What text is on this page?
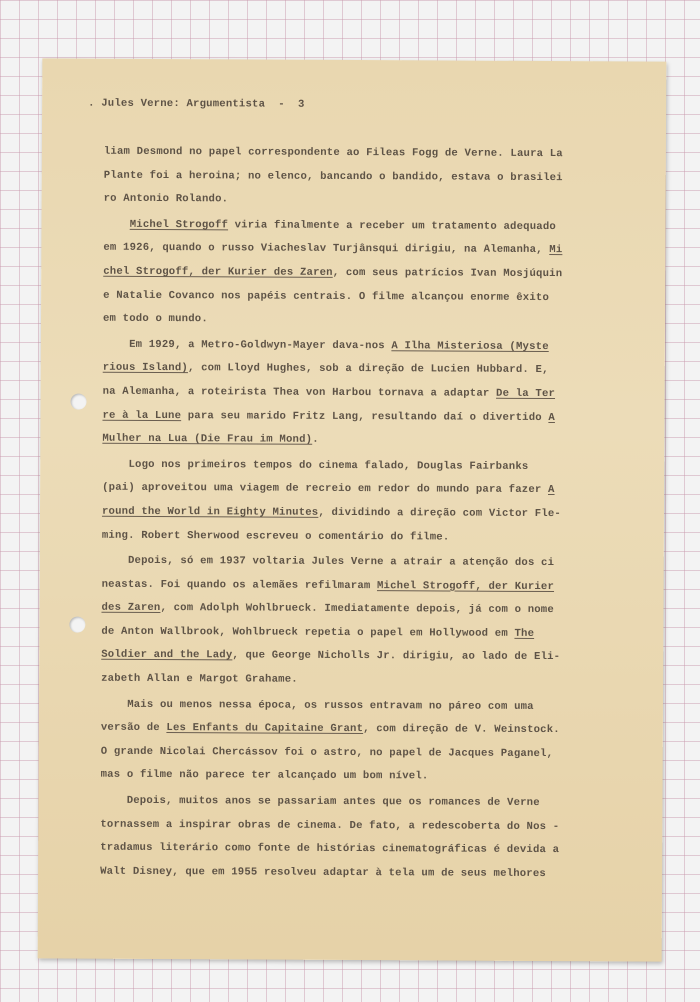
. Jules Verne: Argumentista  -  3
liam Desmond no papel correspondente ao Fileas Fogg de Verne. Laura La
Plante foi a heroina; no elenco, bancando o bandido, estava o brasilei
ro Antonio Rolando.
Michel Strogoff viria finalmente a receber um tratamento adequado
em 1926, quando o russo Viacheslav Turjânsqui dirigiu, na Alemanha, Mi
chel Strogoff, der Kurier des Zaren, com seus patrícios Ivan Mosjúquin
e Natalie Covanco nos papéis centrais. O filme alcançou enorme êxito
em todo o mundo.
Em 1929, a Metro-Goldwyn-Mayer dava-nos A Ilha Misteriosa (Myste
rious Island), com Lloyd Hughes, sob a direção de Lucien Hubbard. E,
na Alemanha, a roteirista Thea von Harbou tornava a adaptar De la Ter
re à la Lune para seu marido Fritz Lang, resultando daí o divertido A
Mulher na Lua (Die Frau im Mond).
Logo nos primeiros tempos do cinema falado, Douglas Fairbanks
(pai) aproveitou uma viagem de recreio em redor do mundo para fazer A
round the World in Eighty Minutes, dividindo a direção com Victor Fle-
ming. Robert Sherwood escreveu o comentário do filme.
Depois, só em 1937 voltaria Jules Verne a atrair a atenção dos ci
neastas. Foi quando os alemães refilmaram Michel Strogoff, der Kurier
des Zaren, com Adolph Wohlbrueck. Imediatamente depois, já com o nome
de Anton Wallbrook, Wohlbrueck repetia o papel em Hollywood em The
Soldier and the Lady, que George Nicholls Jr. dirigiu, ao lado de Eli-
zabeth Allan e Margot Grahame.
Mais ou menos nessa época, os russos entravam no páreo com uma
versão de Les Enfants du Capitaine Grant, com direção de V. Weinstock.
O grande Nicolai Chercássov foi o astro, no papel de Jacques Paganel,
mas o filme não parece ter alcançado um bom nível.
Depois, muitos anos se passariam antes que os romances de Verne
tornassem a inspirar obras de cinema. De fato, a redescoberta do Nos -
tradamus literário como fonte de histórias cinematográficas é devida a
Walt Disney, que em 1955 resolveu adaptar à tela um de seus melhores
